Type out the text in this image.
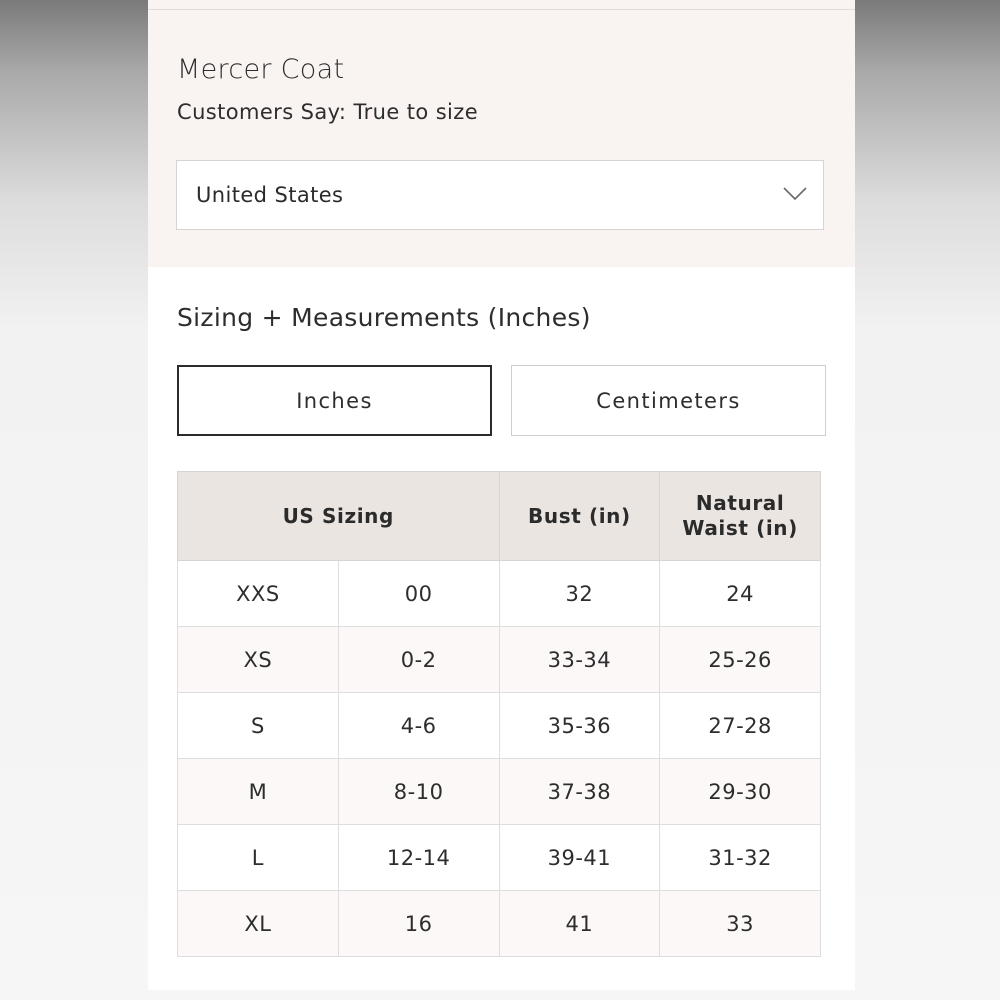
Mercer Coat
Customers Say: True to size
United States
Sizing + Measurements (Inches)
Inches	Centimeters
US Sizing		Bust (in)	Natural Waist (in)
XXS	00	32	24
XS	0-2	33-34	25-26
S	4-6	35-36	27-28
M	8-10	37-38	29-30
L	12-14	39-41	31-32
XL	16	41	33
